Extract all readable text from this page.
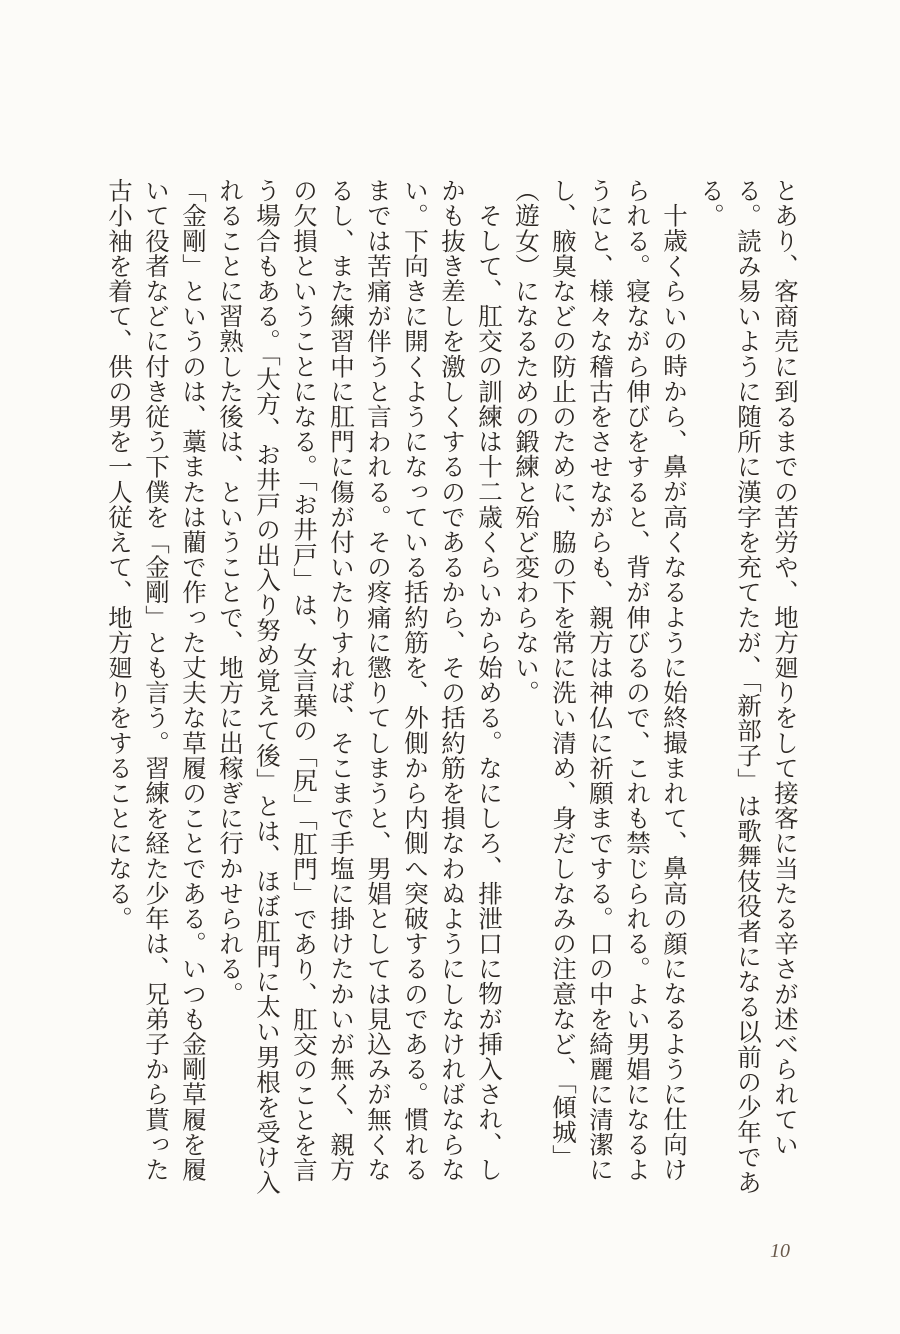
とあり、客商売に到るまでの苦労や、地方廻りをして接客に当たる辛さが述べられている。読み易いように随所に漢字を充てたが、「新部子」は歌舞伎役者になる以前の少年である。

十歳くらいの時から、鼻が高くなるように始終撮まれて、鼻高の顔になるように仕向けられる。寝ながら伸びをすると、背が伸びるので、これも禁じられる。よい男娼になるようにと、様々な稽古をさせながらも、親方は神仏に祈願までする。口の中を綺麗に清潔にし、腋臭などの防止のために、脇の下を常に洗い清め、身だしなみの注意など、「傾城」（遊女）になるための鍛練と殆ど変わらない。

そして、肛交の訓練は十二歳くらいから始める。なにしろ、排泄口に物が挿入され、しかも抜き差しを激しくするのであるから、その括約筋を損なわぬようにしなければならない。下向きに開くようになっている括約筋を、外側から内側へ突破するのである。慣れるまでは苦痛が伴うと言われる。その疼痛に懲りてしまうと、男娼としては見込みが無くなるし、また練習中に肛門に傷が付いたりすれば、そこまで手塩に掛けたかいが無く、親方の欠損ということになる。「お井戸」は、女言葉の「尻」「肛門」であり、肛交のことを言う場合もある。「大方、お井戸の出入り努め覚えて後」とは、ほぼ肛門に太い男根を受け入れることに習熟した後は、ということで、地方に出稼ぎに行かせられる。

「金剛」というのは、藁または藺で作った丈夫な草履のことである。いつも金剛草履を履いて役者などに付き従う下僕を「金剛」とも言う。習練を経た少年は、兄弟子から貰った古小袖を着て、供の男を一人従えて、地方廻りをすることになる。

10
